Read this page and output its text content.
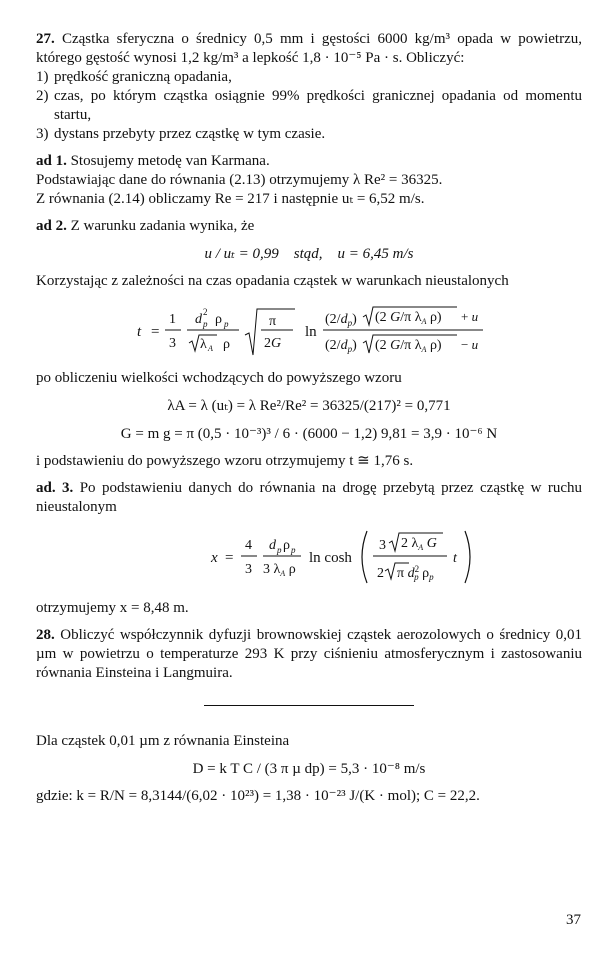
27. Cząstka sferyczna o średnicy 0,5 mm i gęstości 6000 kg/m³ opada w powietrzu, którego gęstość wynosi 1,2 kg/m³ a lepkość 1,8 · 10⁻⁵ Pa · s. Obliczyć:

1) prędkość graniczną opadania,
2) czas, po którym cząstka osiągnie 99% prędkości granicznej opadania od momentu startu,
3) dystans przebyty przez cząstkę w tym czasie.

ad 1. Stosujemy metodę van Karmana.

Podstawiając dane do równania (2.13) otrzymujemy λ Re² = 36325.

Z równania (2.14) obliczamy Re = 217 i następnie uₜ = 6,52 m/s.

ad 2. Z warunku zadania wynika, że

u / uₜ = 0,99    stąd,    u = 6,45 m/s

Korzystając z zależności na czas opadania cząstek w warunkach nieustalonych

t =
1
3
d 2
p ρ p
λ A ρ
π
2G
ln
$(2/d_p)$ (2 G/π $\lambda_A$ ρ) + u
$(2/d_p)$ (2 G/π $\lambda_A$ ρ) − u

po obliczeniu wielkości wchodzących do powyższego wzoru

λA = λ (uₜ) = λ Re²/Re² = 36325/(217)² = 0,771
G = m g = π (0,5 · 10⁻³)³ / 6 · (6000 − 1,2) 9,81 = 3,9 · 10⁻⁶ N

i podstawieniu do powyższego wzoru otrzymujemy t ≅ 1,76 s.

ad. 3. Po podstawieniu danych do równania na drogę przebytą przez cząstkę w ruchu nieustalonym

x =
4
3
d p ρ p
3 $\lambda_A$ ρ
ln cosh
3 2 $\lambda_A$ G
2 π $d^2$ p $\rho_p$
t

otrzymujemy x = 8,48 m.

28. Obliczyć współczynnik dyfuzji brownowskiej cząstek aerozolowych o średnicy 0,01 µm w powietrzu o temperaturze 293 K przy ciśnieniu atmosferycznym i zastosowaniu równania Einsteina i Langmuira.

Dla cząstek 0,01 µm z równania Einsteina

D = k T C / (3 π µ dp) = 5,3 · 10⁻⁸ m/s

gdzie: k = R/N = 8,3144/(6,02 · 10²³) = 1,38 · 10⁻²³ J/(K · mol); C = 22,2.

37
